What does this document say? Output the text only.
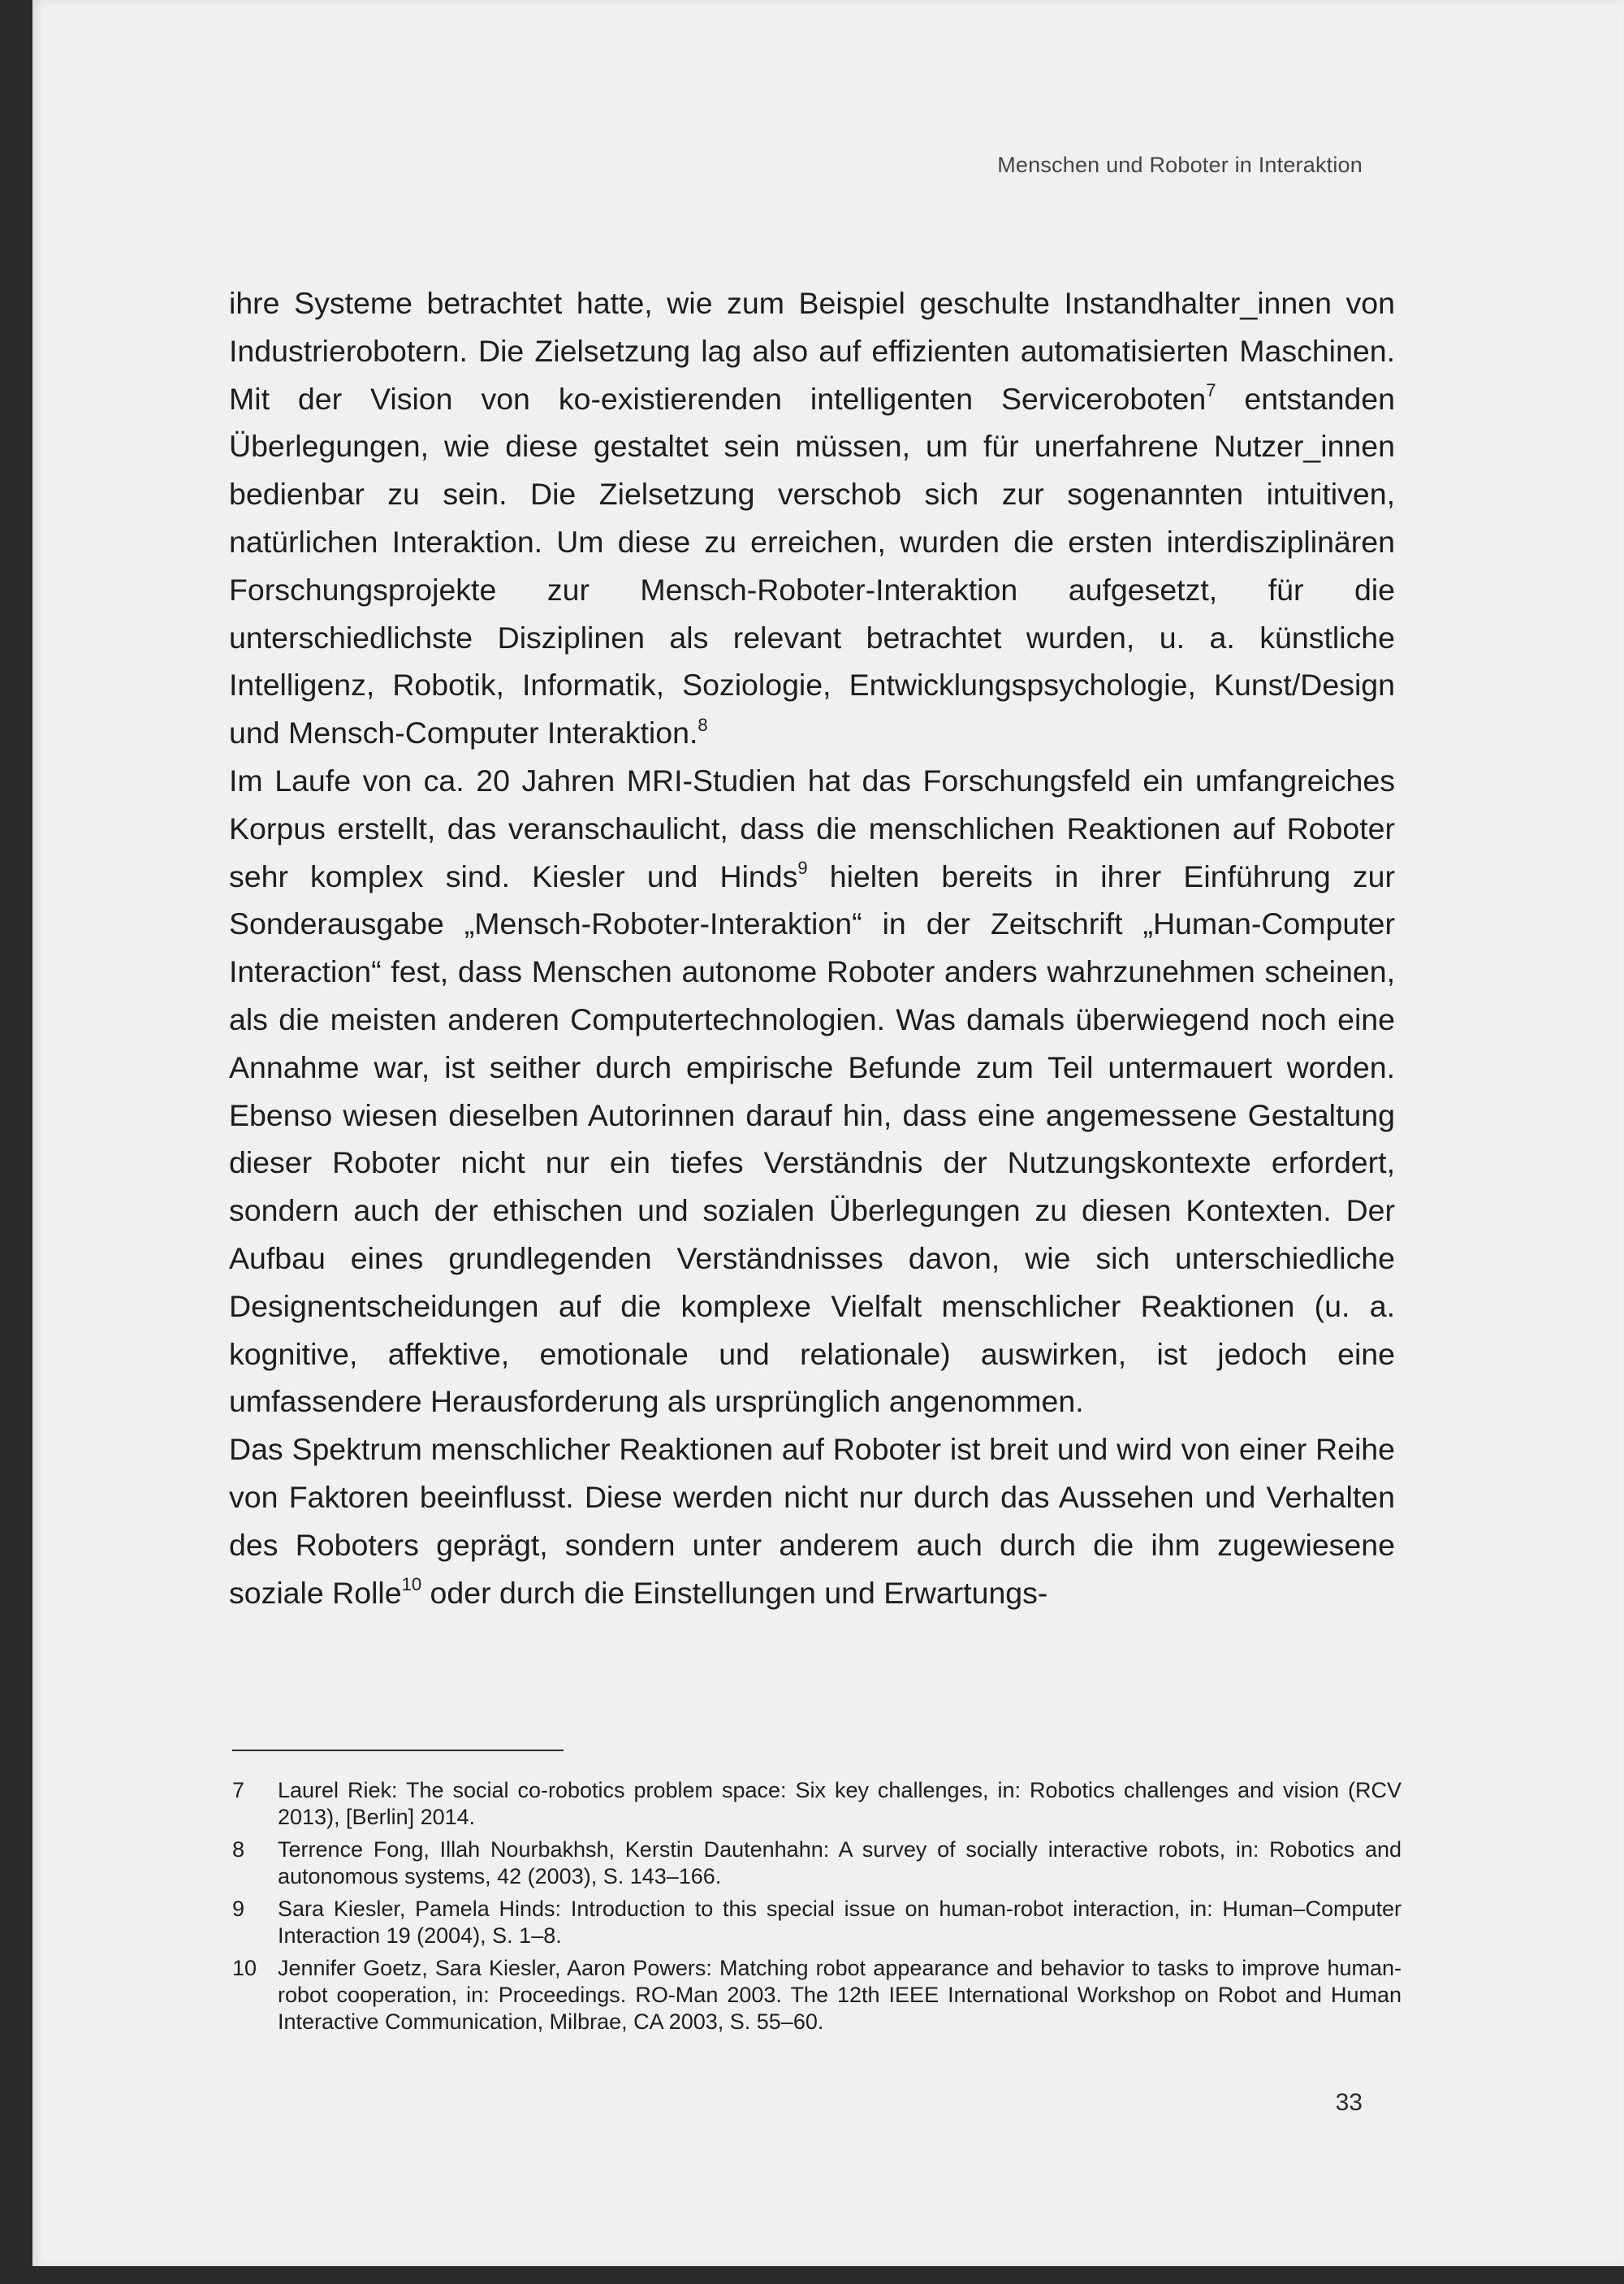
Menschen und Roboter in Interaktion

ihre Systeme betrachtet hatte, wie zum Beispiel geschulte Instandhalter_innen von Industrierobotern. Die Zielsetzung lag also auf effizienten automatisierten Maschinen. Mit der Vision von ko-existierenden intelligenten Serviceroboten$^7$ entstanden Überlegungen, wie diese gestaltet sein müssen, um für unerfahrene Nutzer_innen bedienbar zu sein. Die Zielsetzung verschob sich zur sogenannten intuitiven, natürlichen Interaktion. Um diese zu erreichen, wurden die ersten interdisziplinären Forschungsprojekte zur Mensch-Roboter-Interaktion aufgesetzt, für die unterschiedlichste Disziplinen als relevant betrachtet wurden, u. a. künstliche Intelligenz, Robotik, Informatik, Soziologie, Entwicklungspsychologie, Kunst/Design und Mensch-Computer Interaktion.$^8$

Im Laufe von ca. 20 Jahren MRI-Studien hat das Forschungsfeld ein umfangreiches Korpus erstellt, das veranschaulicht, dass die menschlichen Reaktionen auf Roboter sehr komplex sind. Kiesler und Hinds$^9$ hielten bereits in ihrer Einführung zur Sonderausgabe „Mensch-Roboter-Interaktion“ in der Zeitschrift „Human-Computer Interaction“ fest, dass Menschen autonome Roboter anders wahrzunehmen scheinen, als die meisten anderen Computertechnologien. Was damals überwiegend noch eine Annahme war, ist seither durch empirische Befunde zum Teil untermauert worden. Ebenso wiesen dieselben Autorinnen darauf hin, dass eine angemessene Gestaltung dieser Roboter nicht nur ein tiefes Verständnis der Nutzungskontexte erfordert, sondern auch der ethischen und sozialen Überlegungen zu diesen Kontexten. Der Aufbau eines grundlegenden Verständnisses davon, wie sich unterschiedliche Designentscheidungen auf die komplexe Vielfalt menschlicher Reaktionen (u. a. kognitive, affektive, emotionale und relationale) auswirken, ist jedoch eine umfassendere Herausforderung als ursprünglich angenommen.

Das Spektrum menschlicher Reaktionen auf Roboter ist breit und wird von einer Reihe von Faktoren beeinflusst. Diese werden nicht nur durch das Aussehen und Verhalten des Roboters geprägt, sondern unter anderem auch durch die ihm zugewiesene soziale Rolle$^{10}$ oder durch die Einstellungen und Erwartungs-

7	Laurel Riek: The social co-robotics problem space: Six key challenges, in: Robotics challenges and vision (RCV 2013), [Berlin] 2014.
8	Terrence Fong, Illah Nourbakhsh, Kerstin Dautenhahn: A survey of socially interactive robots, in: Robotics and autonomous systems, 42 (2003), S. 143–166.
9	Sara Kiesler, Pamela Hinds: Introduction to this special issue on human-robot interaction, in: Human–Computer Interaction 19 (2004), S. 1–8.
10 Jennifer Goetz, Sara Kiesler, Aaron Powers: Matching robot appearance and behavior to tasks to improve human-robot cooperation, in: Proceedings. RO-Man 2003. The 12th IEEE International Workshop on Robot and Human Interactive Communication, Milbrae, CA 2003, S. 55–60.
33
